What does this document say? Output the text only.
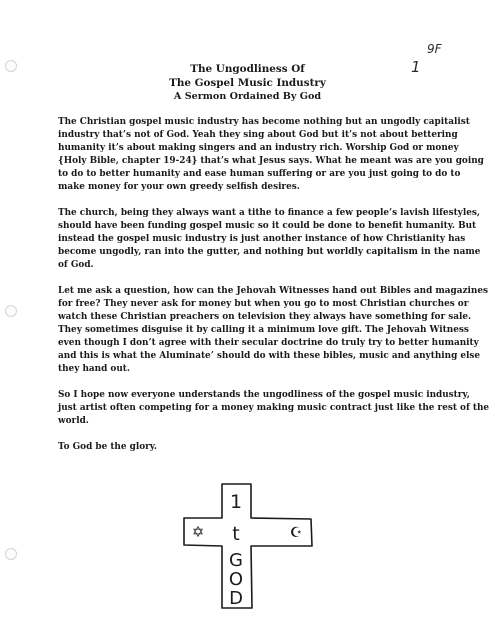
9F
1
The Ungodliness Of
The Gospel Music Industry
A Sermon Ordained By God

The Christian gospel music industry has become nothing but an ungodly capitalist industry that’s not of God. Yeah they sing about God but it’s not about bettering humanity it’s about making singers and an industry rich. Worship God or money {Holy Bible, chapter 19-24} that’s what Jesus says. What he meant was are you going to do to better humanity and ease human suffering or are you just going to do to make money for your own greedy selfish desires.

The church, being they always want a tithe to finance a few people’s lavish lifestyles, should have been funding gospel music so it could be done to benefit humanity. But instead the gospel music industry is just another instance of how Christianity has become ungodly, ran into the gutter, and nothing but worldly capitalism in the name of God.

Let me ask a question, how can the Jehovah Witnesses hand out Bibles and magazines for free? They never ask for money but when you go to most Christian churches or watch these Christian preachers on television they always have something for sale. They sometimes disguise it by calling it a minimum love gift. The Jehovah Witness even though I don’t agree with their secular doctrine do truly try to better humanity and this is what the Aluminate’ should do with these bibles, music and anything else they hand out.

So I hope now everyone understands the ungodliness of the gospel music industry, just artist often competing for a money making music contract just like the rest of the world.

To God be the glory.

1
t
✡	☪
G
O
D
